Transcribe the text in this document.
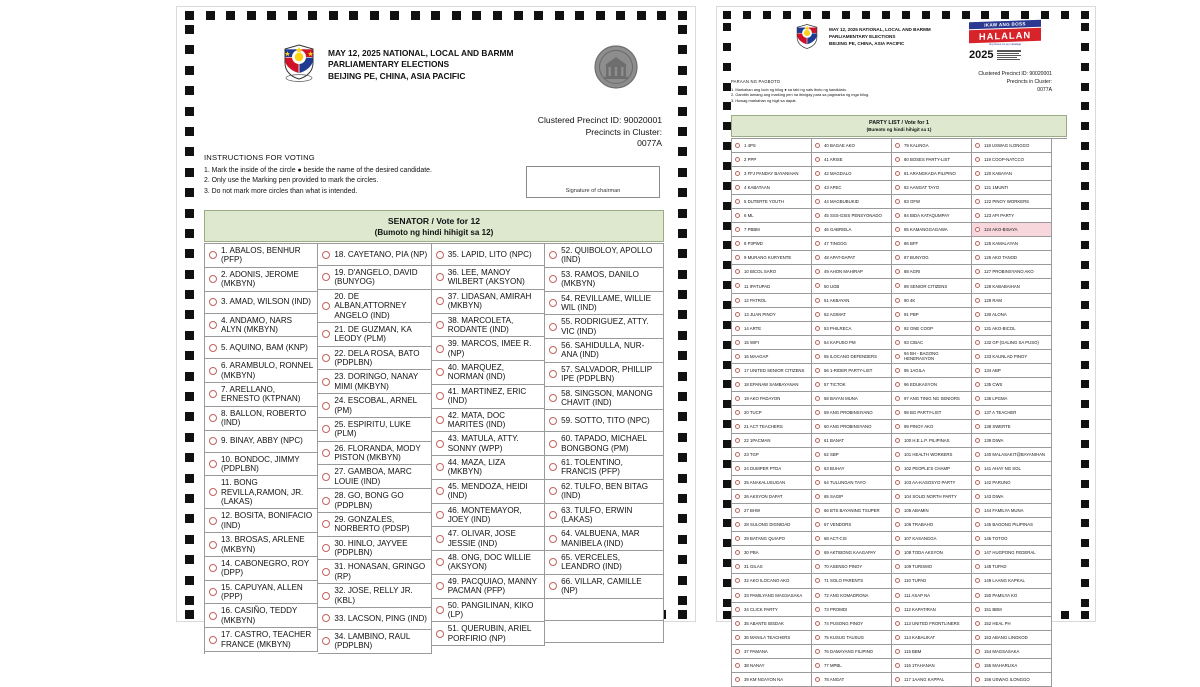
MAY 12, 2025 NATIONAL, LOCAL AND BARMM
PARLIAMENTARY ELECTIONS
BEIJING PE, CHINA, ASIA PACIFIC
Clustered Precinct ID: 90020001
Precincts in Cluster:
0077A
INSTRUCTIONS FOR VOTING
1. Mark the inside of the circle ● beside the name of the desired candidate.
2. Only use the Marking pen provided to mark the circles.
3. Do not mark more circles than what is intended.	Signature of chairman
SENATOR / Vote for 12
(Bumoto ng hindi hihigit sa 12)
1. ABALOS, BENHUR (PFP)
2. ADONIS, JEROME (MKBYN)
3. AMAD, WILSON (IND)
4. ANDAMO, NARS ALYN (MKBYN)
5. AQUINO, BAM (KNP)
6. ARAMBULO, RONNEL (MKBYN)
7. ARELLANO, ERNESTO (KTPNAN)
8. BALLON, ROBERTO (IND)
9. BINAY, ABBY (NPC)
10. BONDOC, JIMMY (PDPLBN)
11. BONG REVILLA,RAMON, JR.(LAKAS)
12. BOSITA, BONIFACIO (IND)
13. BROSAS, ARLENE (MKBYN)
14. CABONEGRO, ROY (DPP)
15. CAPUYAN, ALLEN (PPP)
16. CASIÑO, TEDDY (MKBYN)
17. CASTRO, TEACHER FRANCE (MKBYN)
18. CAYETANO, PIA (NP)
19. D'ANGELO, DAVID (BUNYOG)
20. DE ALBAN,ATTORNEY ANGELO (IND)
21. DE GUZMAN, KA LEODY (PLM)
22. DELA ROSA, BATO (PDPLBN)
23. DORINGO, NANAY MIMI (MKBYN)
24. ESCOBAL, ARNEL (PM)
25. ESPIRITU, LUKE (PLM)
26. FLORANDA, MODY PISTON (MKBYN)
27. GAMBOA, MARC LOUIE (IND)
28. GO, BONG GO (PDPLBN)
29. GONZALES, NORBERTO (PDSP)
30. HINLO, JAYVEE (PDPLBN)
31. HONASAN, GRINGO (RP)
32. JOSE, RELLY JR. (KBL)
33. LACSON, PING (IND)
34. LAMBINO, RAUL (PDPLBN)
35. LAPID, LITO (NPC)
36. LEE, MANOY WILBERT (AKSYON)
37. LIDASAN, AMIRAH (MKBYN)
38. MARCOLETA, RODANTE (IND)
39. MARCOS, IMEE R. (NP)
40. MARQUEZ, NORMAN (IND)
41. MARTINEZ, ERIC (IND)
42. MATA, DOC MARITES (IND)
43. MATULA, ATTY. SONNY (WPP)
44. MAZA, LIZA (MKBYN)
45. MENDOZA, HEIDI (IND)
46. MONTEMAYOR, JOEY (IND)
47. OLIVAR, JOSE JESSIE (IND)
48. ONG, DOC WILLIE (AKSYON)
49. PACQUIAO, MANNY PACMAN (PFP)
50. PANGILINAN, KIKO (LP)
51. QUERUBIN, ARIEL PORFIRIO (NP)
52. QUIBOLOY, APOLLO (IND)
53. RAMOS, DANILO (MKBYN)
54. REVILLAME, WILLIE WIL (IND)
55. RODRIGUEZ, ATTY. VIC (IND)
56. SAHIDULLA, NUR-ANA (IND)
57. SALVADOR, PHILLIP IPE (PDPLBN)
58. SINGSON, MANONG CHAVIT (IND)
59. SOTTO, TITO (NPC)
60. TAPADO, MICHAEL BONGBONG (PM)
61. TOLENTINO, FRANCIS (PFP)
62. TULFO, BEN BITAG (IND)
63. TULFO, ERWIN (LAKAS)
64. VALBUENA, MAR MANIBELA (IND)
65. VERCELES, LEANDRO (IND)
66. VILLAR, CAMILLE (NP)
MAY 12, 2025 NATIONAL, LOCAL AND BARMM
PARLIAMENTARY ELECTIONS
BEIJING PE, CHINA, ASIA PACIFIC
IKAW ANG BOSS
HALALAN
ang boses mo ay mahalaga
2025
Clustered Precinct ID: 90020001
Precincts in Cluster:
0077A
PARAAN NG PAGBOTO
1. Markahan ang loob ng bilog ● sa tabi ng nais iboto ng kandidato.
2. Gamitin lamang ang marking pen na ibinigay para sa pagmarka ng mga bilog.
3. Huwag markahan ng higit sa dapat.
PARTY LIST / Vote for 1
(Bumoto ng hindi hihigit sa 1)
1 4PS
2 PPP
3 FFJ PANDAY BAYANIHAN
4 KABATAAN
5 DUTERTE YOUTH
6 ML
7 PBBM
8 P3PWD
9 MURANG KURYENTE
10 BICOL SARO
11 IPATUPAD
12 PATROL
13 JUAN PINOY
14 ARTE
15 WIFI
16 MAAGAP
17 UNITED SENIOR CITIZENS
18 EPANAW SAMBAYANAN
19 AKO PADAYON
20 TUCP
21 ACT TEACHERS
22 1PACMAN
23 TGP
24 DUMPER PTDA
25 ANAKALUSUGAN
26 AKSYON DAPAT
27 BHW
28 SULONG DIGNIDAD
29 BATANG QUIAPO
30 PBA
31 GILAS
32 AKO ILOCANO AKO
33 PAMILYANG MAGSASAKA
34 CLICK PARTY
35 ABANTE BISDAK
36 MANILA TEACHERS
37 PAMANA
38 NANAY
39 KM NGAYON NA
40 BAGAE AKO
41 ARISE
42 MAGDALO
43 APEC
44 MAGBUBUKID
45 SSS-GSIS PENSYONADO
46 GABRIELA
47 TINGOG
48 APAT-DAPAT
49 AHON MAHIRAP
50 UGB
51 AKBAYAN
52 AGIMAT
53 PHILRECA
54 KAPUSO PM
55 ILOCANO DEFENDERS
56 1-RIDER PARTY-LIST
57 TICTOK
58 BAYAN MUNA
59 ANG PROBINSIYANO
60 ANG PROBINSYANO
61 BANAT
62 SBP
63 BUHAY
64 TULUNGAN TAYO
65 SAGIP
66 BTS BAYANING TSUPER
67 VENDORS
68 ACT-CIS
69 AKTIBONG KAAGAPAY
70 ASENSO PINOY
71 SOLO PARENTS
72 ANG KOMADRONA
73 PROMDI
74 PUSONG PINOY
75 KUSUG TAUSUG
76 DAMAYANG FILIPINO
77 MPBL
78 ANGAT
79 KALINGA
80 BOSES PARTY-LIST
81 ARANGKADA PILIPINO
82 AANGAT TAYO
83 OFW
84 BIDA KATAQUMPAY
85 KAMANGGAGAWA
86 BFF
87 BUNYOG
88 AGRI
89 SENIOR CITIZENS
90 4K
91 PBP
92 ONE COOP
93 CIBAC
94 BH - BAGONG HENERASYON
95 1AGILA
96 EDUKASYON
97 ANG TINIG NG SENIORS
98 BG PARTY-LIST
99 PINOY AKO
100 H.E.L.P. PILIPINAS
101 HEALTH WORKERS
102 PEOPLE'S CHAMP
103 AA-KASOSYO PARTY
104 SOLID NORTH PARTY
105 ABAMIN
106 TRABAHO
107 KASANGGA
108 TODA AKSYON
109 TURISMO
110 TUPAD
111 ASAP NA
112 KAPATIRAN
113 UNITED FRONTLINERS
114 KABALIKAT
115 BBM
116 1TAHANAN
117 1AANG KAPPAL
118 USWAG ILONGGO
119 COOP-NATCCO
120 KABAYAN
121 1MUNTI
122 PINOY WORKERS
123 API PARTY
124 AKO-BISAYA
125 KAMALAYAN
126 AKO TANOD
127 PROBINSYANO AKO
128 KABABAIHAN
129 RAM
130 ALONA
131 AKO-BICOL
132 GP (GALING SA PUSO)
133 KAUNLAD PINOY
134 ABP
135 CWS
136 LPGMA
137 A TEACHER
138 SWERTE
139 DIWA
140 MALASAKIT@BAYANIHAN
141 AHAY NG SOL
142 PARUNO
143 DIWA
144 FAMILYA MUNA
145 BAGONG PILIPINAS
146 TOTOO
147 HUGPONG FEDERAL
148 TUPAD
149 LAANG KAPKAL
150 PAMILYA KO
151 BBM
152 HEAL PH
153 ABANG LINGKOD
154 MAGSASAKA
155 MAHARLIKA
156 USWAG ILONGGO
